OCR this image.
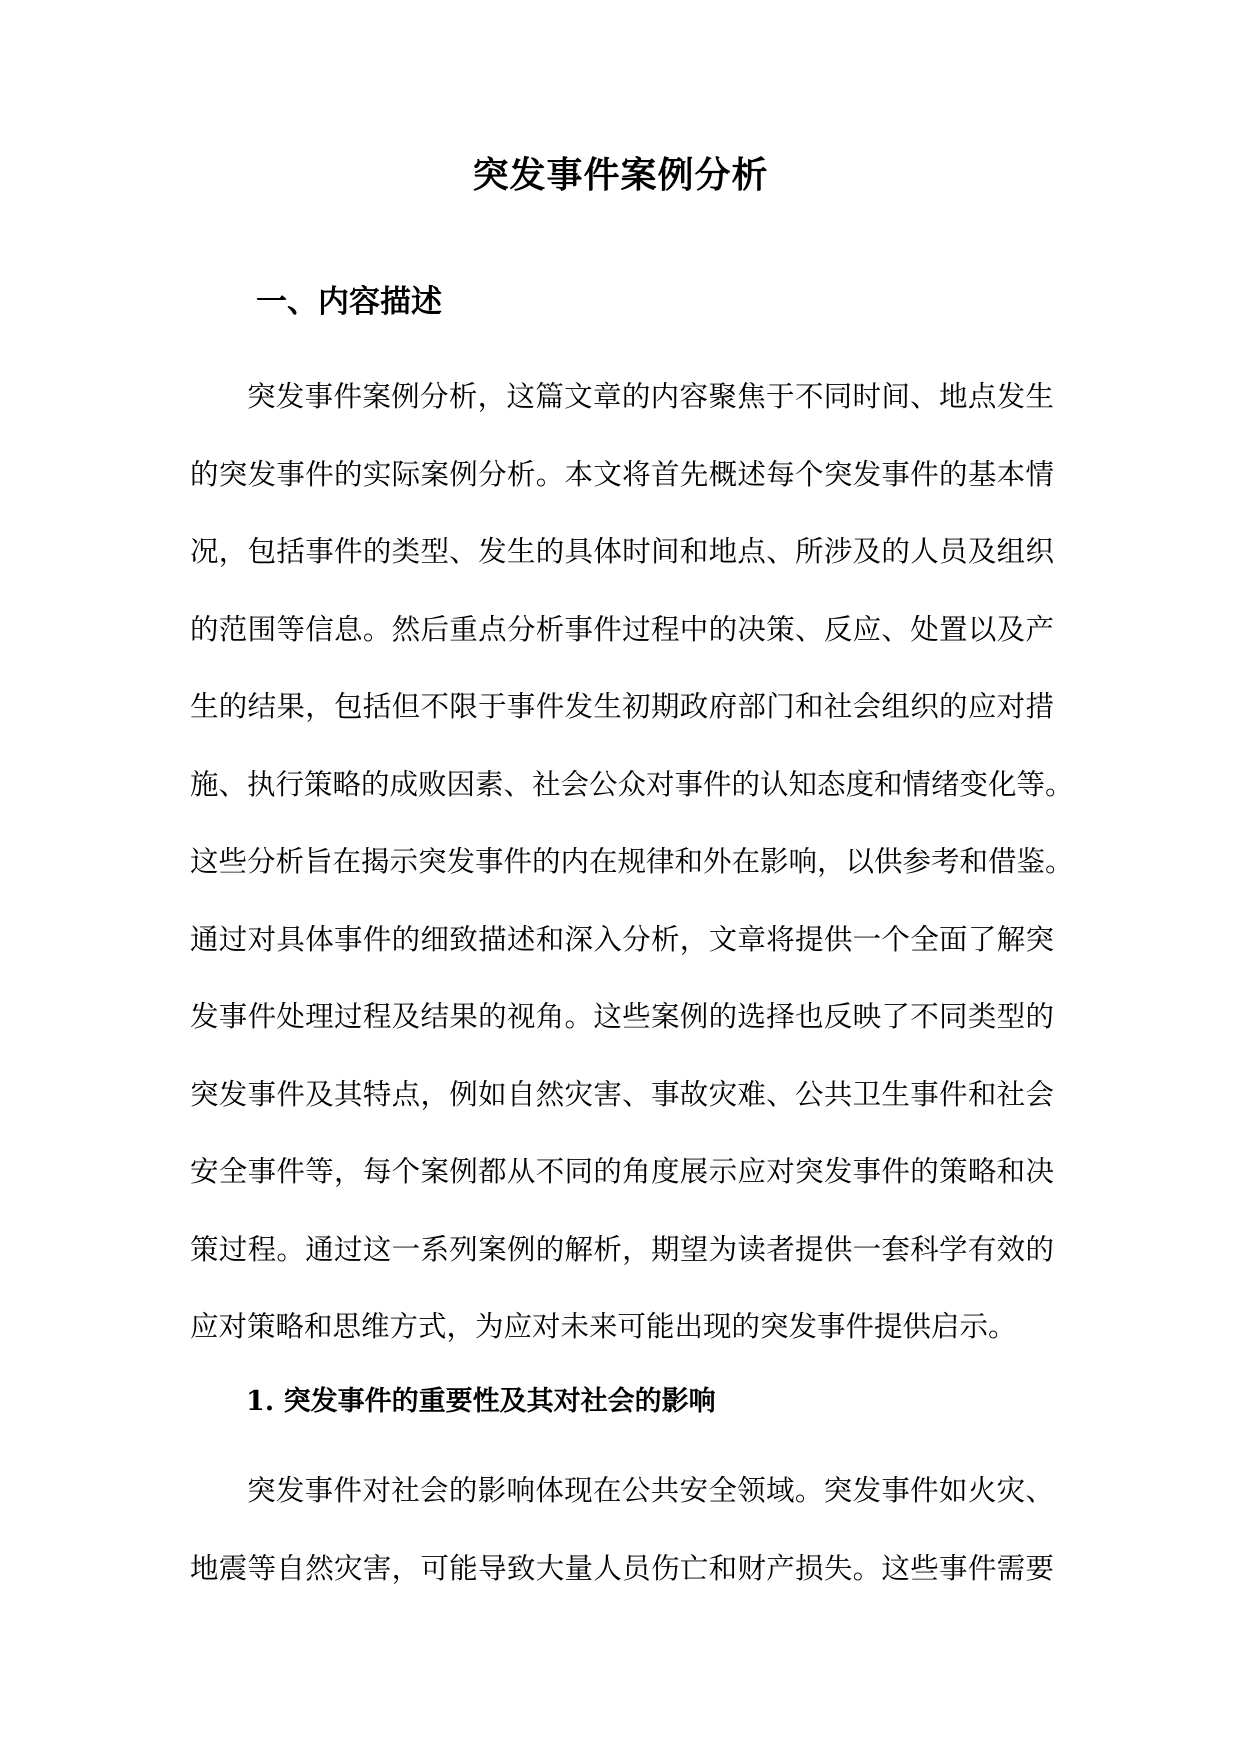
突发事件案例分析
一、内容描述
突发事件案例分析，这篇文章的内容聚焦于不同时间、地点发生
的突发事件的实际案例分析。本文将首先概述每个突发事件的基本情
况，包括事件的类型、发生的具体时间和地点、所涉及的人员及组织
的范围等信息。然后重点分析事件过程中的决策、反应、处置以及产
生的结果，包括但不限于事件发生初期政府部门和社会组织的应对措
施、执行策略的成败因素、社会公众对事件的认知态度和情绪变化等。
这些分析旨在揭示突发事件的内在规律和外在影响，以供参考和借鉴。
通过对具体事件的细致描述和深入分析，文章将提供一个全面了解突
发事件处理过程及结果的视角。这些案例的选择也反映了不同类型的
突发事件及其特点，例如自然灾害、事故灾难、公共卫生事件和社会
安全事件等，每个案例都从不同的角度展示应对突发事件的策略和决
策过程。通过这一系列案例的解析，期望为读者提供一套科学有效的
应对策略和思维方式，为应对未来可能出现的突发事件提供启示。
1. 突发事件的重要性及其对社会的影响
突发事件对社会的影响体现在公共安全领域。突发事件如火灾、
地震等自然灾害，可能导致大量人员伤亡和财产损失。这些事件需要
